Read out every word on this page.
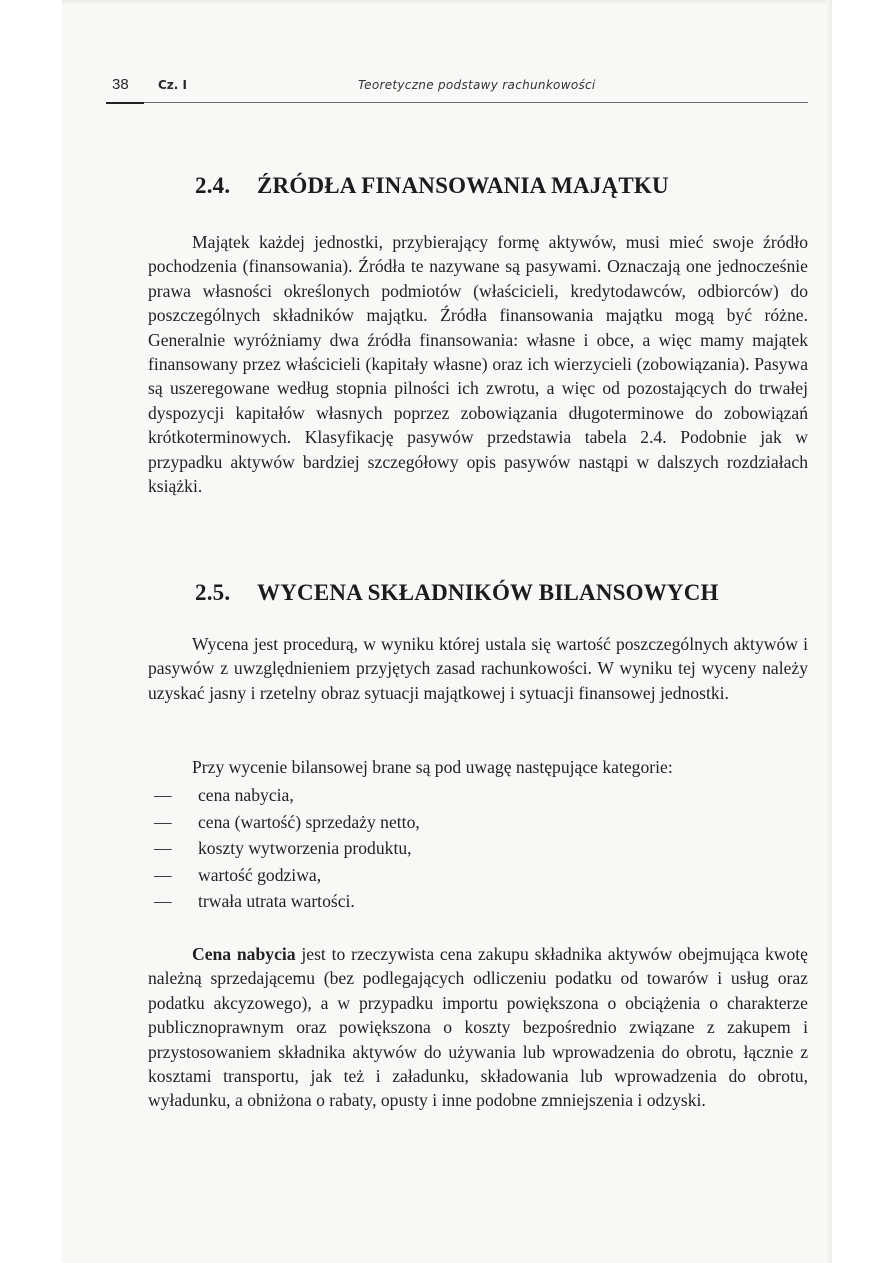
38 Cz. I	Teoretyczne podstawy rachunkowości
2.4. ŹRÓDŁA FINANSOWANIA MAJĄTKU

Majątek każdej jednostki, przybierający formę aktywów, musi mieć swoje źródło pochodzenia (finansowania). Źródła te nazywane są pasywami. Oznaczają one jednocześnie prawa własności określonych podmiotów (właścicieli, kredytodawców, odbiorców) do poszczególnych składników majątku. Źródła finansowania majątku mogą być różne. Generalnie wyróżniamy dwa źródła finansowania: własne i obce, a więc mamy majątek finansowany przez właścicieli (kapitały własne) oraz ich wierzycieli (zobowiązania). Pasywa są uszeregowane według stopnia pilności ich zwrotu, a więc od pozostających do trwałej dyspozycji kapitałów własnych poprzez zobowiązania długoterminowe do zobowiązań krótkoterminowych. Klasyfikację pasywów przedstawia tabela 2.4. Podobnie jak w przypadku aktywów bardziej szczegółowy opis pasywów nastąpi w dalszych rozdziałach książki.

2.5. WYCENA SKŁADNIKÓW BILANSOWYCH

Wycena jest procedurą, w wyniku której ustala się wartość poszczególnych aktywów i pasywów z uwzględnieniem przyjętych zasad rachunkowości. W wyniku tej wyceny należy uzyskać jasny i rzetelny obraz sytuacji majątkowej i sytuacji finansowej jednostki.

Przy wycenie bilansowej brane są pod uwagę następujące kategorie:

— cena nabycia,
— cena (wartość) sprzedaży netto,
— koszty wytworzenia produktu,
— wartość godziwa,
— trwała utrata wartości.

Cena nabycia jest to rzeczywista cena zakupu składnika aktywów obejmująca kwotę należną sprzedającemu (bez podlegających odliczeniu podatku od towarów i usług oraz podatku akcyzowego), a w przypadku importu powiększona o obciążenia o charakterze publicznoprawnym oraz powiększona o koszty bezpośrednio związane z zakupem i przystosowaniem składnika aktywów do używania lub wprowadzenia do obrotu, łącznie z kosztami transportu, jak też i załadunku, składowania lub wprowadzenia do obrotu, wyładunku, a obniżona o rabaty, opusty i inne podobne zmniejszenia i odzyski.
